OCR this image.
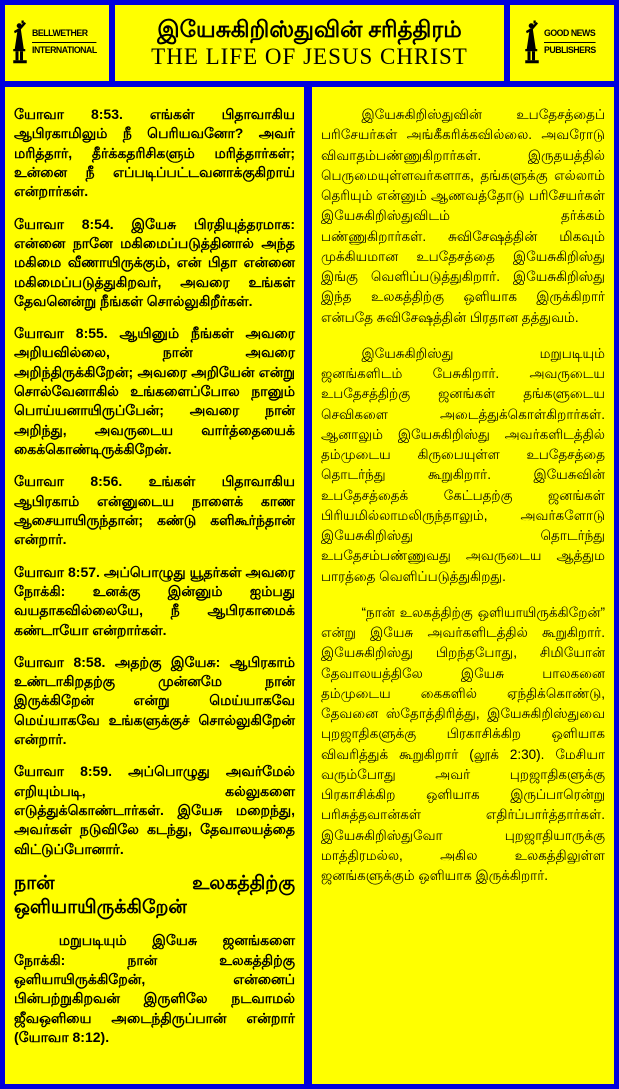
BELLWETHER
INTERNATIONAL
இயேசுகிறிஸ்துவின் சரித்திரம்
THE LIFE OF JESUS CHRIST
GOOD NEWS
PUBLISHERS

யோவா 8:53. எங்கள் பிதாவாகிய ஆபிரகாமிலும் நீ பெரியவனோ? அவர் மரித்தார், தீர்க்கதரிசிகளும் மரித்தார்கள்; உன்னை நீ எப்படிப்பட்டவனாக்குகிறாய் என்றார்கள்.

யோவா 8:54. இயேசு பிரதியுத்தரமாக: என்னை நானே மகிமைப்படுத்தினால் அந்த மகிமை வீணாயிருக்கும், என் பிதா என்னை மகிமைப்படுத்துகிறவர், அவரை உங்கள் தேவனென்று நீங்கள் சொல்லுகிறீர்கள்.

யோவா 8:55. ஆயினும் நீங்கள் அவரை அறியவில்லை, நான் அவரை அறிந்திருக்கிறேன்; அவரை அறியேன் என்று சொல்வேனாகில் உங்களைப்போல நானும் பொய்யனாயிருப்பேன்; அவரை நான் அறிந்து, அவருடைய வார்த்தையைக் கைக்கொண்டிருக்கிறேன்.

யோவா 8:56. உங்கள் பிதாவாகிய ஆபிரகாம் என்னுடைய நாளைக் காண ஆசையாயிருந்தான்; கண்டு களிகூர்ந்தான் என்றார்.

யோவா 8:57. அப்பொழுது யூதர்கள் அவரை நோக்கி: உனக்கு இன்னும் ஐம்பது வயதாகவில்லையே, நீ ஆபிரகாமைக் கண்டாயோ என்றார்கள்.

யோவா 8:58. அதற்கு இயேசு: ஆபிரகாம் உண்டாகிறதற்கு முன்னமே நான் இருக்கிறேன் என்று மெய்யாகவே மெய்யாகவே உங்களுக்குச் சொல்லுகிறேன் என்றார்.

யோவா 8:59. அப்பொழுது அவர்மேல் எறியும்படி, கல்லுகளை எடுத்துக்கொண்டார்கள். இயேசு மறைந்து, அவர்கள் நடுவிலே கடந்து, தேவாலயத்தை விட்டுப்போனார்.

நான் உலகத்திற்கு ஒளியாயிருக்கிறேன்

மறுபடியும் இயேசு ஜனங்களை நோக்கி: நான் உலகத்திற்கு ஒளியாயிருக்கிறேன், என்னைப் பின்பற்றுகிறவன் இருளிலே நடவாமல் ஜீவஒளியை அடைந்திருப்பான் என்றார் (யோவா 8:12).

இயேசுகிறிஸ்துவின் உபதேசத்தைப் பரிசேயர்கள் அங்கீகரிக்கவில்லை. அவரோடு விவாதம்பண்ணுகிறார்கள். இருதயத்தில் பெருமையுள்ளவர்களாக, தங்களுக்கு எல்லாம் தெரியும் என்னும் ஆணவத்தோடு பரிசேயர்கள் இயேசுகிறிஸ்துவிடம் தர்க்கம் பண்ணுகிறார்கள். சுவிசேஷத்தின் மிகவும் முக்கியமான உபதேசத்தை இயேசுகிறிஸ்து இங்கு வெளிப்படுத்துகிறார். இயேசுகிறிஸ்து இந்த உலகத்திற்கு ஒளியாக இருக்கிறார் என்பதே சுவிசேஷத்தின் பிரதான தத்துவம்.

இயேசுகிறிஸ்து மறுபடியும் ஜனங்களிடம் பேசுகிறார். அவருடைய உபதேசத்திற்கு ஜனங்கள் தங்களுடைய செவிகளை அடைத்துக்கொள்கிறார்கள். ஆனாலும் இயேசுகிறிஸ்து அவர்களிடத்தில் தம்முடைய கிருபையுள்ள உபதேசத்தை தொடர்ந்து கூறுகிறார். இயேசுவின் உபதேசத்தைக் கேட்பதற்கு ஜனங்கள் பிரியமில்லாமலிருந்தாலும், அவர்களோடு இயேசுகிறிஸ்து தொடர்ந்து உபதேசம்பண்ணுவது அவருடைய ஆத்தும பாரத்தை வெளிப்படுத்துகிறது.

“நான் உலகத்திற்கு ஒளியாயிருக்கிறேன்” என்று இயேசு அவர்களிடத்தில் கூறுகிறார். இயேசுகிறிஸ்து பிறந்தபோது, சிமியோன் தேவாலயத்திலே இயேசு பாலகனை தம்முடைய கைகளில் ஏந்திக்கொண்டு, தேவனை ஸ்தோத்திரித்து, இயேசுகிறிஸ்துவை புறஜாதிகளுக்கு பிரகாசிக்கிற ஒளியாக விவரித்துக் கூறுகிறார் (லூக் 2:30). மேசியா வரும்போது அவர் புறஜாதிகளுக்கு பிரகாசிக்கிற ஒளியாக இருப்பாரென்று பரிசுத்தவான்கள் எதிர்ப்பார்த்தார்கள். இயேசுகிறிஸ்துவோ புறஜாதியாருக்கு மாத்திரமல்ல, அகில உலகத்திலுள்ள ஜனங்களுக்கும் ஒளியாக இருக்கிறார்.
